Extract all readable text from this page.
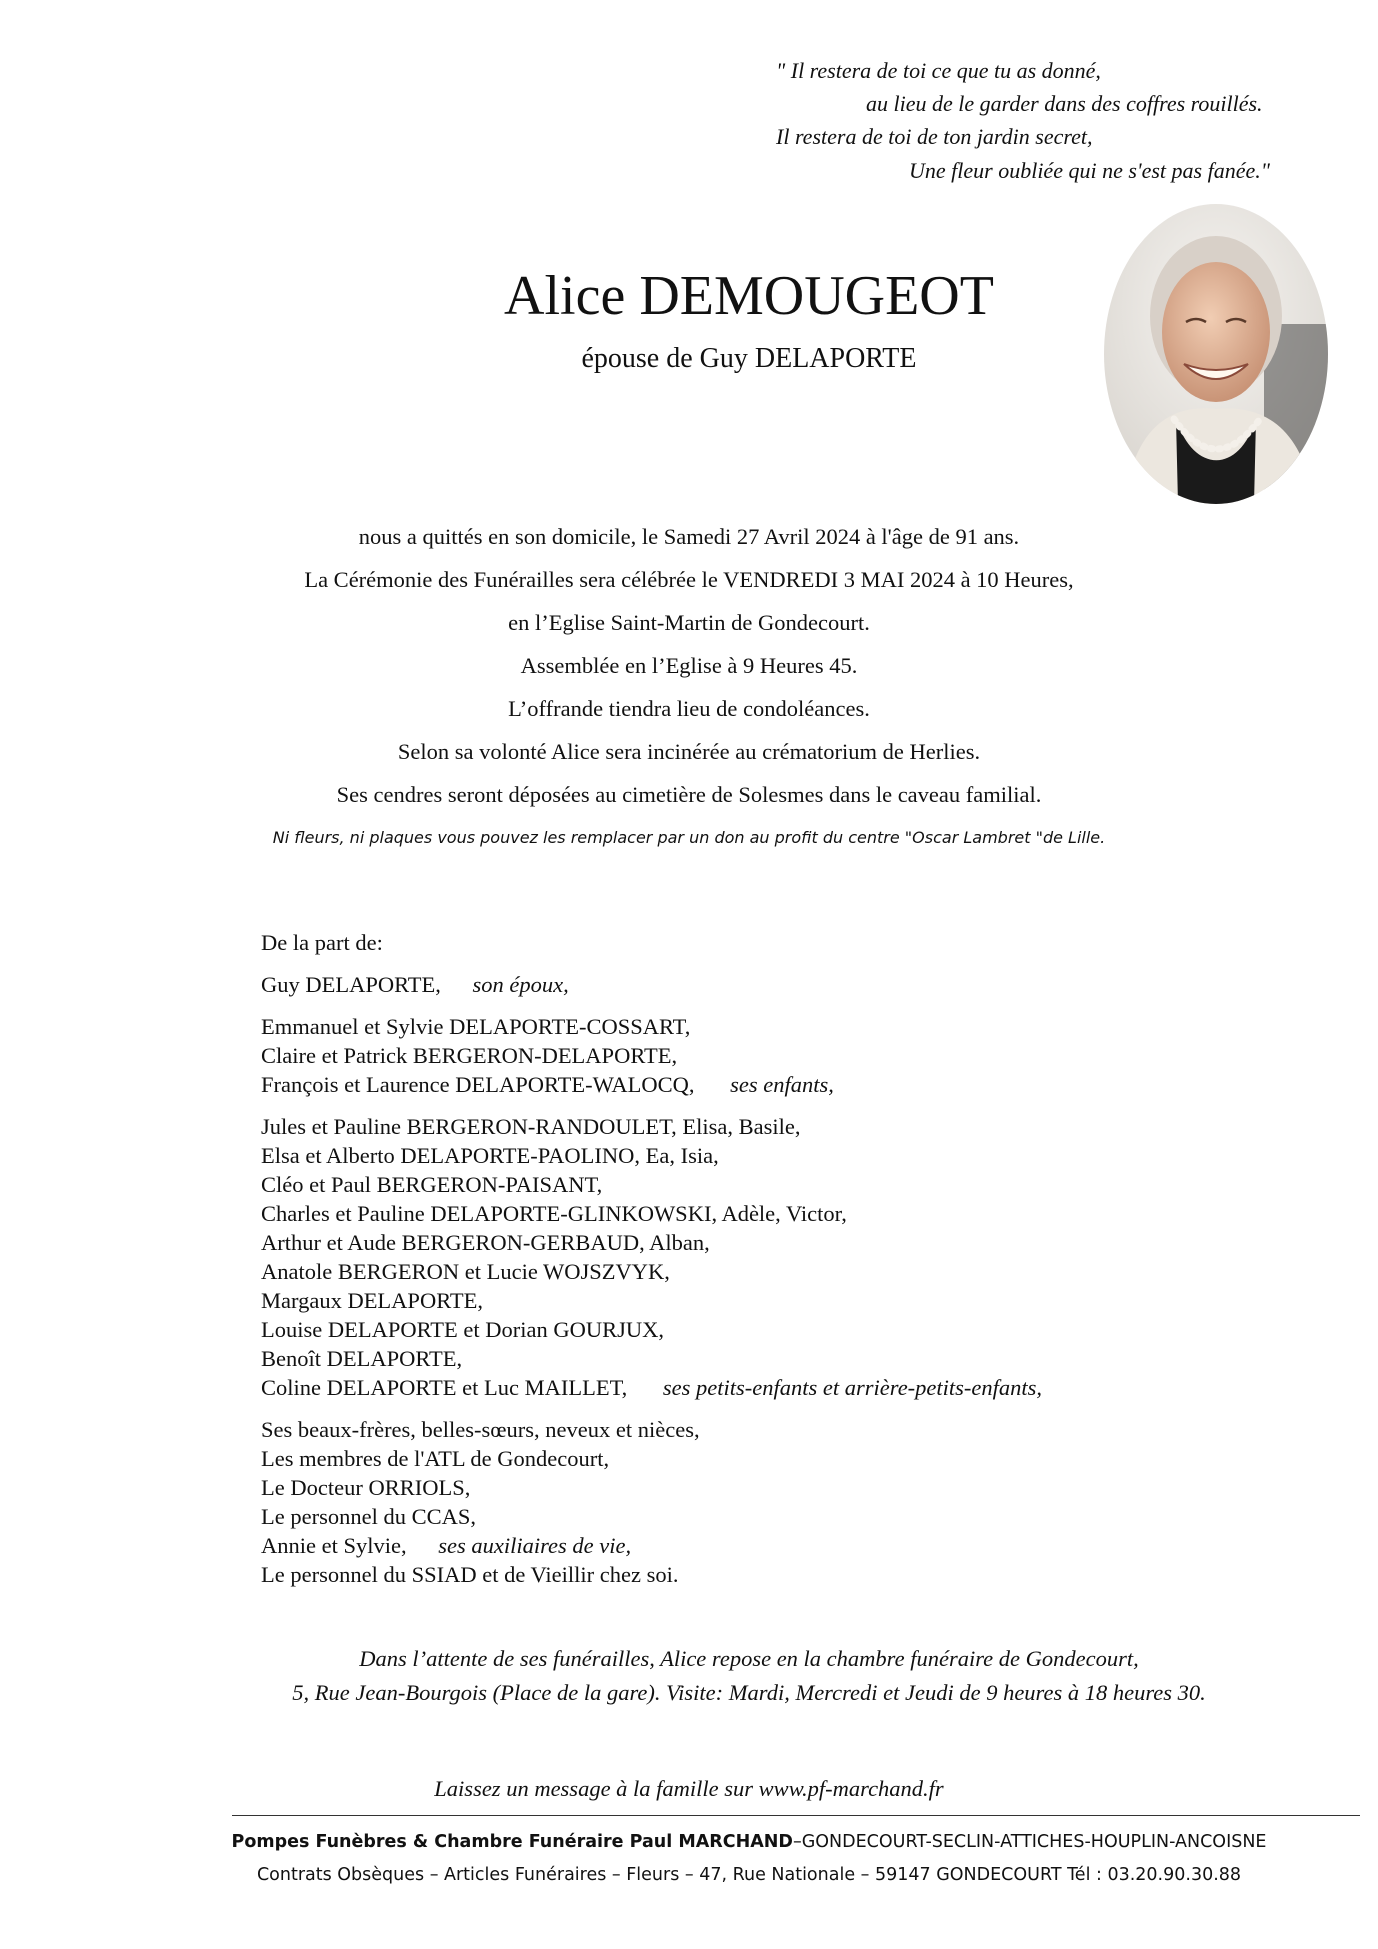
" Il restera de toi ce que tu as donné,
au lieu de le garder dans des coffres rouillés.
Il restera de toi de ton jardin secret,
Une fleur oubliée qui ne s'est pas fanée."
Alice DEMOUGEOT
épouse de Guy DELAPORTE
nous a quittés en son domicile, le Samedi 27 Avril 2024 à l'âge de 91 ans.
La Cérémonie des Funérailles sera célébrée le VENDREDI 3 MAI 2024 à 10 Heures,
en l’Eglise Saint-Martin de Gondecourt.
Assemblée en l’Eglise à 9 Heures 45.
L’offrande tiendra lieu de condoléances.
Selon sa volonté Alice sera incinérée au crématorium de Herlies.
Ses cendres seront déposées au cimetière de Solesmes dans le caveau familial.
Ni fleurs, ni plaques vous pouvez les remplacer par un don au profit du centre "Oscar Lambret "de Lille.
De la part de:
Guy DELAPORTE, son époux,
Emmanuel et Sylvie DELAPORTE-COSSART,
Claire et Patrick BERGERON-DELAPORTE,
François et Laurence DELAPORTE-WALOCQ, ses enfants,
Jules et Pauline BERGERON-RANDOULET, Elisa, Basile,
Elsa et Alberto DELAPORTE-PAOLINO, Ea, Isia,
Cléo et Paul BERGERON-PAISANT,
Charles et Pauline DELAPORTE-GLINKOWSKI, Adèle, Victor,
Arthur et Aude BERGERON-GERBAUD, Alban,
Anatole BERGERON et Lucie WOJSZVYK,
Margaux DELAPORTE,
Louise DELAPORTE et Dorian GOURJUX,
Benoît DELAPORTE,
Coline DELAPORTE et Luc MAILLET, ses petits-enfants et arrière-petits-enfants,
Ses beaux-frères, belles-sœurs, neveux et nièces,
Les membres de l'ATL de Gondecourt,
Le Docteur ORRIOLS,
Le personnel du CCAS,
Annie et Sylvie, ses auxiliaires de vie,
Le personnel du SSIAD et de Vieillir chez soi.
Dans l’attente de ses funérailles, Alice repose en la chambre funéraire de Gondecourt,
5, Rue Jean-Bourgois (Place de la gare). Visite: Mardi, Mercredi et Jeudi de 9 heures à 18 heures 30.
Laissez un message à la famille sur www.pf-marchand.fr
Pompes Funèbres & Chambre Funéraire Paul MARCHAND–GONDECOURT-SECLIN-ATTICHES-HOUPLIN-ANCOISNE
Contrats Obsèques – Articles Funéraires – Fleurs – 47, Rue Nationale – 59147 GONDECOURT Tél : 03.20.90.30.88
